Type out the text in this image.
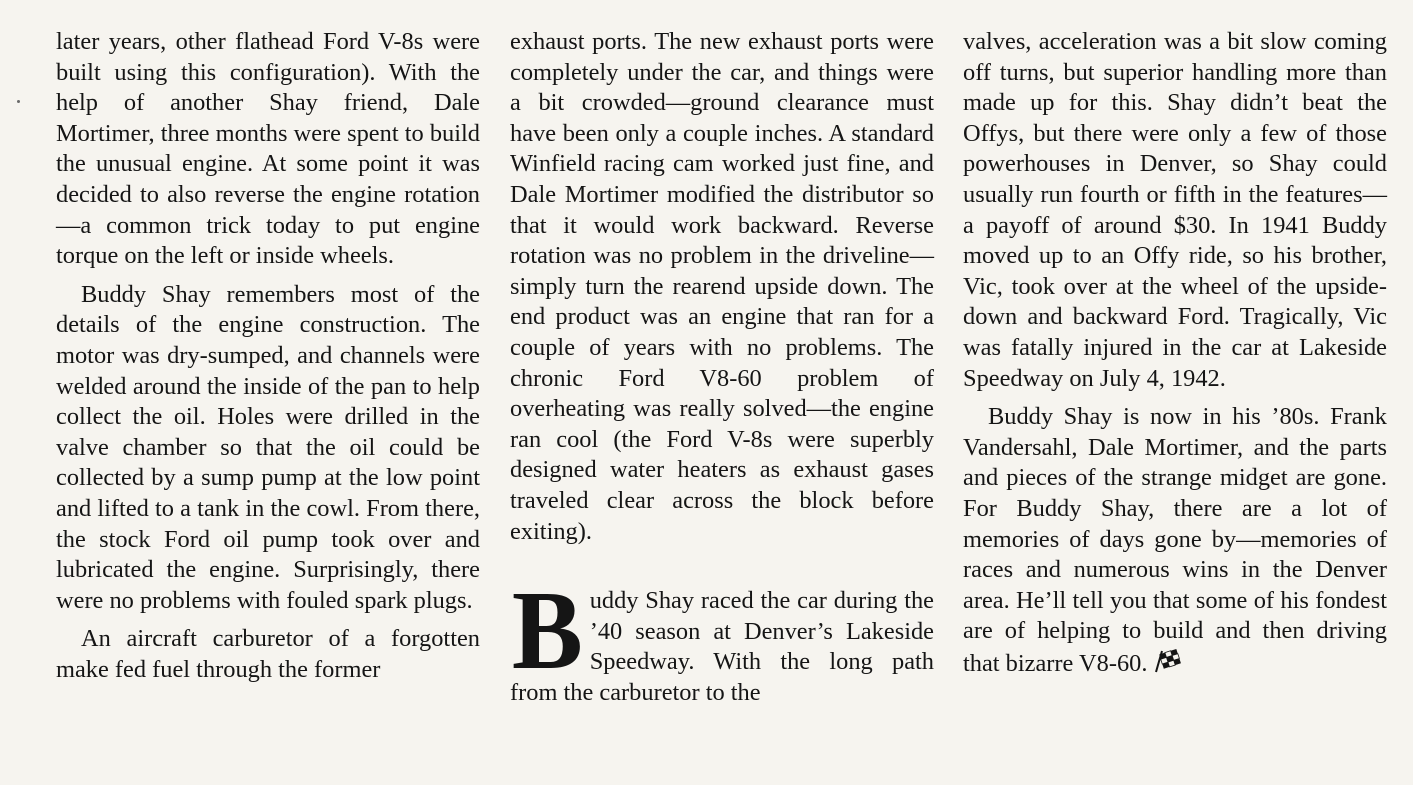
later years, other flathead Ford V-8s were built using this configuration). With the help of another Shay friend, Dale Mortimer, three months were spent to build the unusual engine. At some point it was decided to also reverse the engine rotation—a common trick today to put engine torque on the left or inside wheels.

Buddy Shay remembers most of the details of the engine construction. The motor was dry-sumped, and channels were welded around the inside of the pan to help collect the oil. Holes were drilled in the valve chamber so that the oil could be collected by a sump pump at the low point and lifted to a tank in the cowl. From there, the stock Ford oil pump took over and lubricated the engine. Surprisingly, there were no problems with fouled spark plugs.

An aircraft carburetor of a forgotten make fed fuel through the former

exhaust ports. The new exhaust ports were completely under the car, and things were a bit crowded—ground clearance must have been only a couple inches. A standard Winfield racing cam worked just fine, and Dale Mortimer modified the distributor so that it would work backward. Reverse rotation was no problem in the driveline—simply turn the rearend upside down. The end product was an engine that ran for a couple of years with no problems. The chronic Ford V8-60 problem of overheating was really solved—the engine ran cool (the Ford V-8s were superbly designed water heaters as exhaust gases traveled clear across the block before exiting).

Buddy Shay raced the car during the ’40 season at Denver’s Lakeside Speedway. With the long path from the carburetor to the

valves, acceleration was a bit slow coming off turns, but superior handling more than made up for this. Shay didn’t beat the Offys, but there were only a few of those powerhouses in Denver, so Shay could usually run fourth or fifth in the features—a payoff of around $30. In 1941 Buddy moved up to an Offy ride, so his brother, Vic, took over at the wheel of the upside-down and backward Ford. Tragically, Vic was fatally injured in the car at Lakeside Speedway on July 4, 1942.

Buddy Shay is now in his ’80s. Frank Vandersahl, Dale Mortimer, and the parts and pieces of the strange midget are gone. For Buddy Shay, there are a lot of memories of days gone by—memories of races and numerous wins in the Denver area. He’ll tell you that some of his fondest are of helping to build and then driving that bizarre V8-60.
